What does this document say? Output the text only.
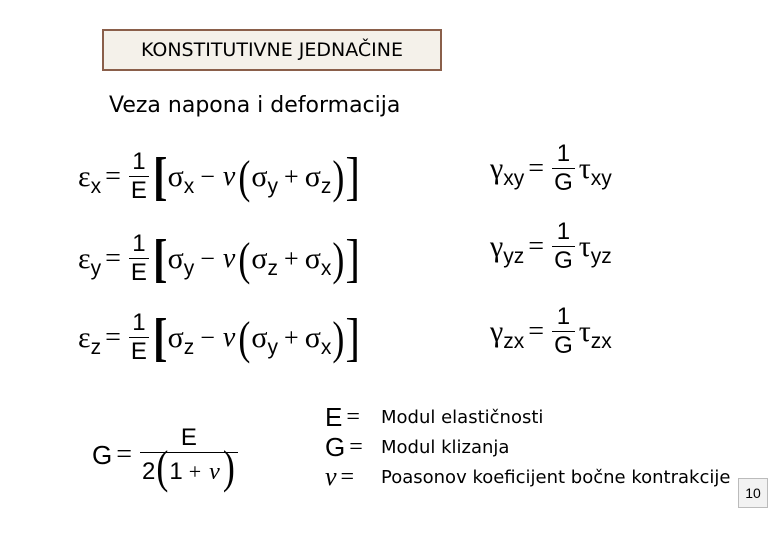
KONSTITUTIVNE JEDNAČINE
Veza napona i deformacija
ε $x = \frac{1}{E}$ [ σ x − ν ( σ y + σ z ) ]
ε $y = \frac{1}{E}$ [ σ y − ν ( σ z + σ x ) ]
ε $z = \frac{1}{E}$ [ σ z − ν ( σ y + σ x ) ]
γ xy = $\frac{1}{G}$ τ xy
γ yz = $\frac{1}{G}$ τ yz
γ zx = $\frac{1}{G}$ τ zx
$G = \frac{E}{2(1 + \nu)}$
E = Modul elastičnosti
G = Modul klizanja
ν = Poasonov koeficijent bočne kontrakcije
10
